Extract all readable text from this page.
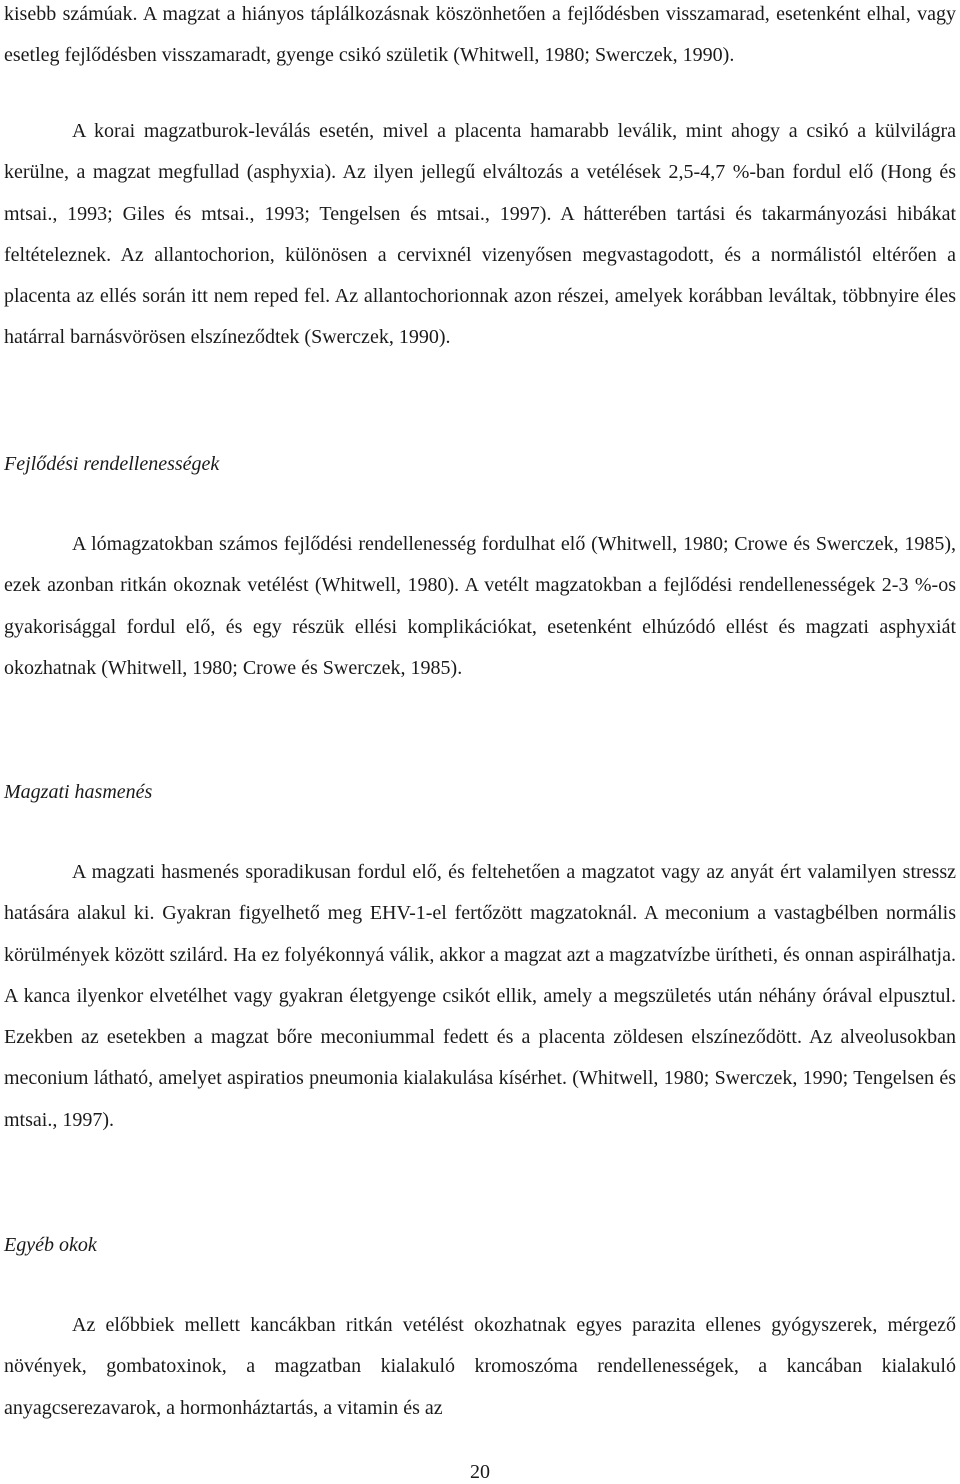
kisebb számúak. A magzat a hiányos táplálkozásnak köszönhetően a fejlődésben visszamarad, esetenként elhal, vagy esetleg fejlődésben visszamaradt, gyenge csikó születik (Whitwell, 1980; Swerczek, 1990).

A korai magzatburok-leválás esetén, mivel a placenta hamarabb leválik, mint ahogy a csikó a külvilágra kerülne, a magzat megfullad (asphyxia). Az ilyen jellegű elváltozás a vetélések 2,5-4,7 %-ban fordul elő (Hong és mtsai., 1993; Giles és mtsai., 1993; Tengelsen és mtsai., 1997). A hátterében tartási és takarmányozási hibákat feltételeznek. Az allantochorion, különösen a cervixnél vizenyősen megvastagodott, és a normálistól eltérően a placenta az ellés során itt nem reped fel. Az allantochorionnak azon részei, amelyek korábban leváltak, többnyire éles határral barnásvörösen elszíneződtek (Swerczek, 1990).

Fejlődési rendellenességek

A lómagzatokban számos fejlődési rendellenesség fordulhat elő (Whitwell, 1980; Crowe és Swerczek, 1985), ezek azonban ritkán okoznak vetélést (Whitwell, 1980). A vetélt magzatokban a fejlődési rendellenességek 2-3 %-os gyakorisággal fordul elő, és egy részük ellési komplikációkat, esetenként elhúzódó ellést és magzati asphyxiát okozhatnak (Whitwell, 1980; Crowe és Swerczek, 1985).

Magzati hasmenés

A magzati hasmenés sporadikusan fordul elő, és feltehetően a magzatot vagy az anyát ért valamilyen stressz hatására alakul ki. Gyakran figyelhető meg EHV-1-el fertőzött magzatoknál. A meconium a vastagbélben normális körülmények között szilárd. Ha ez folyékonnyá válik, akkor a magzat azt a magzatvízbe ürítheti, és onnan aspirálhatja. A kanca ilyenkor elvetélhet vagy gyakran életgyenge csikót ellik, amely a megszületés után néhány órával elpusztul. Ezekben az esetekben a magzat bőre meconiummal fedett és a placenta zöldesen elszíneződött. Az alveolusokban meconium látható, amelyet aspiratios pneumonia kialakulása kísérhet. (Whitwell, 1980; Swerczek, 1990; Tengelsen és mtsai., 1997).

Egyéb okok

Az előbbiek mellett kancákban ritkán vetélést okozhatnak egyes parazita ellenes gyógyszerek, mérgező növények, gombatoxinok, a magzatban kialakuló kromoszóma rendellenességek, a kancában kialakuló anyagcserezavarok, a hormonháztartás, a vitamin és az

20
